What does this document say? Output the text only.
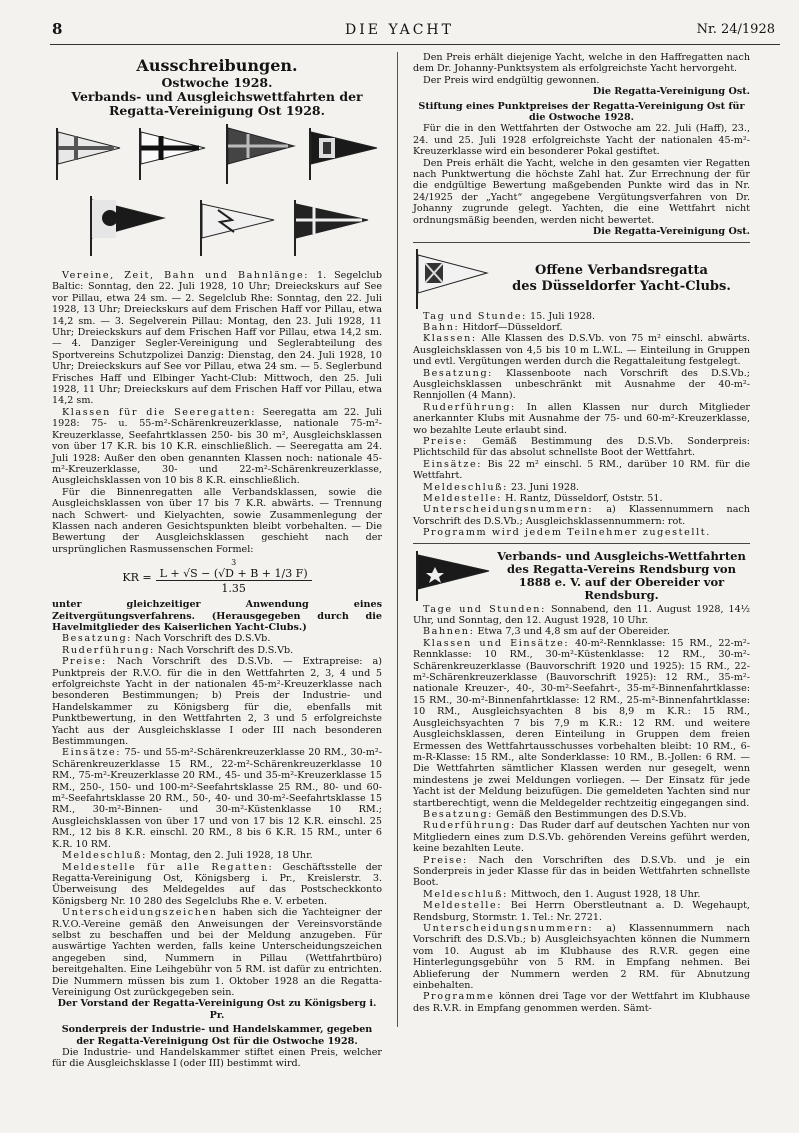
8	DIE YACHT	Nr. 24/1928
Ausschreibungen.
Ostwoche 1928.
Verbands- und Ausgleichswettfahrten der Regatta-Vereinigung Ost 1928.

Vereine, Zeit, Bahn und Bahnlänge: 1. Segelclub Baltic: Sonntag, den 22. Juli 1928, 10 Uhr; Dreieckskurs auf See vor Pillau, etwa 24 sm. — 2. Segelclub Rhe: Sonntag, den 22. Juli 1928, 13 Uhr; Dreieckskurs auf dem Frischen Haff vor Pillau, etwa 14,2 sm. — 3. Segelverein Pillau: Montag, den 23. Juli 1928, 11 Uhr; Dreieckskurs auf dem Frischen Haff vor Pillau, etwa 14,2 sm. — 4. Danziger Segler-Vereinigung und Seglerabteilung des Sportvereins Schutzpolizei Danzig: Dienstag, den 24. Juli 1928, 10 Uhr; Dreieckskurs auf See vor Pillau, etwa 24 sm. — 5. Seglerbund Frisches Haff und Elbinger Yacht-Club: Mittwoch, den 25. Juli 1928, 11 Uhr; Dreieckskurs auf dem Frischen Haff vor Pillau, etwa 14,2 sm.

Klassen für die Seeregatten: Seeregatta am 22. Juli 1928: 75- u. 55-m²-Schärenkreuzerklasse, nationale 75-m²-Kreuzerklasse, Seefahrtklassen 250- bis 30 m², Ausgleichsklassen von über 17 K.R. bis 10 K.R. einschließlich. — Seeregatta am 24. Juli 1928: Außer den oben genannten Klassen noch: nationale 45-m²-Kreuzerklasse, 30- und 22-m²-Schärenkreuzerklasse, Ausgleichsklassen von 10 bis 8 K.R. einschließlich.

Für die Binnenregatten alle Verbandsklassen, sowie die Ausgleichsklassen von über 17 bis 7 K.R. abwärts. — Trennung nach Schwert- und Kielyachten, sowie Zusammenlegung der Klassen nach anderen Gesichtspunkten bleibt vorbehalten. — Die Bewertung der Ausgleichsklassen geschieht nach der ursprünglichen Rasmussenschen Formel:

KR =
3
L + √S − (√D + B + 1/3 F)
1.35

unter gleichzeitiger Anwendung eines Zeitvergütungsverfahrens. (Herausgegeben durch die Havelmitglieder des Kaiserlichen Yacht-Clubs.)

Besatzung: Nach Vorschrift des D.S.Vb.

Ruderführung: Nach Vorschrift des D.S.Vb.

Preise: Nach Vorschrift des D.S.Vb. — Extrapreise: a) Punktpreis der R.V.O. für die in den Wettfahrten 2, 3, 4 und 5 erfolgreichste Yacht in der nationalen 45-m²-Kreuzerklasse nach besonderen Bestimmungen; b) Preis der Industrie- und Handelskammer zu Königsberg für die, ebenfalls mit Punktbewertung, in den Wettfahrten 2, 3 und 5 erfolgreichste Yacht aus der Ausgleichsklasse I oder III nach besonderen Bestimmungen.

Einsätze: 75- und 55-m²-Schärenkreuzerklasse 20 RM., 30-m²-Schärenkreuzerklasse 15 RM., 22-m²-Schärenkreuzerklasse 10 RM., 75-m²-Kreuzerklasse 20 RM., 45- und 35-m²-Kreuzerklasse 15 RM., 250-, 150- und 100-m²-Seefahrtsklasse 25 RM., 80- und 60-m²-Seefahrtsklasse 20 RM., 50-, 40- und 30-m²-Seefahrtsklasse 15 RM., 30-m²-Binnen- und 30-m²-Küstenklasse 10 RM.; Ausgleichsklassen von über 17 und von 17 bis 12 K.R. einschl. 25 RM., 12 bis 8 K.R. einschl. 20 RM., 8 bis 6 K.R. 15 RM., unter 6 K.R. 10 RM.

Meldeschluß: Montag, den 2. Juli 1928, 18 Uhr.

Meldestelle für alle Regatten: Geschäftsstelle der Regatta-Vereinigung Ost, Königsberg i. Pr., Kreislerstr. 3. Überweisung des Meldegeldes auf das Postscheckkonto Königsberg Nr. 10 280 des Segelclubs Rhe e. V. erbeten.

Unterscheidungszeichen haben sich die Yachteigner der R.V.O.-Vereine gemäß den Anweisungen der Vereinsvorstände selbst zu beschaffen und bei der Meldung anzugeben. Für auswärtige Yachten werden, falls keine Unterscheidungszeichen angegeben sind, Nummern in Pillau (Wettfahrtbüro) bereitgehalten. Eine Leihgebühr von 5 RM. ist dafür zu entrichten. Die Nummern müssen bis zum 1. Oktober 1928 an die Regatta-Vereinigung Ost zurückgegeben sein.

Der Vorstand der Regatta-Vereinigung Ost zu Königsberg i. Pr.

Sonderpreis der Industrie- und Handelskammer, gegeben der Regatta-Vereinigung Ost für die Ostwoche 1928.

Die Industrie- und Handelskammer stiftet einen Preis, welcher für die Ausgleichsklasse I (oder III) bestimmt wird.

Den Preis erhält diejenige Yacht, welche in den Haffregatten nach dem Dr. Johanny-Punktsystem als erfolgreichste Yacht hervorgeht.

Der Preis wird endgültig gewonnen.

Die Regatta-Vereinigung Ost.

Stiftung eines Punktpreises der Regatta-Vereinigung Ost für die Ostwoche 1928.

Für die in den Wettfahrten der Ostwoche am 22. Juli (Haff), 23., 24. und 25. Juli 1928 erfolgreichste Yacht der nationalen 45-m²-Kreuzerklasse wird ein besonderer Pokal gestiftet.

Den Preis erhält die Yacht, welche in den gesamten vier Regatten nach Punktwertung die höchste Zahl hat. Zur Errechnung der für die endgültige Bewertung maßgebenden Punkte wird das in Nr. 24/1925 der „Yacht“ angegebene Vergütungsverfahren von Dr. Johanny zugrunde gelegt. Yachten, die eine Wettfahrt nicht ordnungsmäßig beenden, werden nicht bewertet.

Die Regatta-Vereinigung Ost.
Offene Verbandsregatta
des Düsseldorfer Yacht-Clubs.

Tag und Stunde: 15. Juli 1928.

Bahn: Hitdorf—Düsseldorf.

Klassen: Alle Klassen des D.S.Vb. von 75 m² einschl. abwärts. Ausgleichsklassen von 4,5 bis 10 m L.W.L. — Einteilung in Gruppen und evtl. Vergütungen werden durch die Regattaleitung festgelegt.

Besatzung: Klassenboote nach Vorschrift des D.S.Vb.; Ausgleichsklassen unbeschränkt mit Ausnahme der 40-m²-Rennjollen (4 Mann).

Ruderführung: In allen Klassen nur durch Mitglieder anerkannter Klubs mit Ausnahme der 75- und 60-m²-Kreuzerklasse, wo bezahlte Leute erlaubt sind.

Preise: Gemäß Bestimmung des D.S.Vb. Sonderpreis: Plichtschild für das absolut schnellste Boot der Wettfahrt.

Einsätze: Bis 22 m² einschl. 5 RM., darüber 10 RM. für die Wettfahrt.

Meldeschluß: 23. Juni 1928.

Meldestelle: H. Rantz, Düsseldorf, Oststr. 51.

Unterscheidungsnummern: a) Klassennummern nach Vorschrift des D.S.Vb.; Ausgleichsklassennummern: rot.

Programm wird jedem Teilnehmer zugestellt.

Verbands- und Ausgleichs-Wettfahrten des Regatta-Vereins Rendsburg von 1888 e. V. auf der Obereider vor Rendsburg.

Tage und Stunden: Sonnabend, den 11. August 1928, 14½ Uhr, und Sonntag, den 12. August 1928, 10 Uhr.

Bahnen: Etwa 7,3 und 4,8 sm auf der Obereider.

Klassen und Einsätze: 40-m²-Rennklasse: 15 RM., 22-m²-Rennklasse: 10 RM., 30-m²-Küstenklasse: 12 RM., 30-m²-Schärenkreuzerklasse (Bauvorschrift 1920 und 1925): 15 RM., 22-m²-Schärenkreuzerklasse (Bauvorschrift 1925): 12 RM., 35-m²-nationale Kreuzer-, 40-, 30-m²-Seefahrt-, 35-m²-Binnenfahrtklasse: 15 RM., 30-m²-Binnenfahrtklasse: 12 RM., 25-m²-Binnenfahrtklasse: 10 RM., Ausgleichsyachten 8 bis 8,9 m K.R.: 15 RM., Ausgleichsyachten 7 bis 7,9 m K.R.: 12 RM. und weitere Ausgleichsklassen, deren Einteilung in Gruppen dem freien Ermessen des Wettfahrtausschusses vorbehalten bleibt: 10 RM., 6-m-R-Klasse: 15 RM., alte Sonderklasse: 10 RM., B.-Jollen: 6 RM. — Die Wettfahrten sämtlicher Klassen werden nur gesegelt, wenn mindestens je zwei Meldungen vorliegen. — Der Einsatz für jede Yacht ist der Meldung beizufügen. Die gemeldeten Yachten sind nur startberechtigt, wenn die Meldegelder rechtzeitig eingegangen sind.

Besatzung: Gemäß den Bestimmungen des D.S.Vb.

Ruderführung: Das Ruder darf auf deutschen Yachten nur von Mitgliedern eines zum D.S.Vb. gehörenden Vereins geführt werden, keine bezahlten Leute.

Preise: Nach den Vorschriften des D.S.Vb. und je ein Sonderpreis in jeder Klasse für das in beiden Wettfahrten schnellste Boot.

Meldeschluß: Mittwoch, den 1. August 1928, 18 Uhr.

Meldestelle: Bei Herrn Oberstleutnant a. D. Wegehaupt, Rendsburg, Stormstr. 1. Tel.: Nr. 2721.

Unterscheidungsnummern: a) Klassennummern nach Vorschrift des D.S.Vb.; b) Ausgleichsyachten können die Nummern vom 10. August ab im Klubhause des R.V.R. gegen eine Hinterlegungsgebühr von 5 RM. in Empfang nehmen. Bei Ablieferung der Nummern werden 2 RM. für Abnutzung einbehalten.

Programme können drei Tage vor der Wettfahrt im Klubhause des R.V.R. in Empfang genommen werden. Sämt-
